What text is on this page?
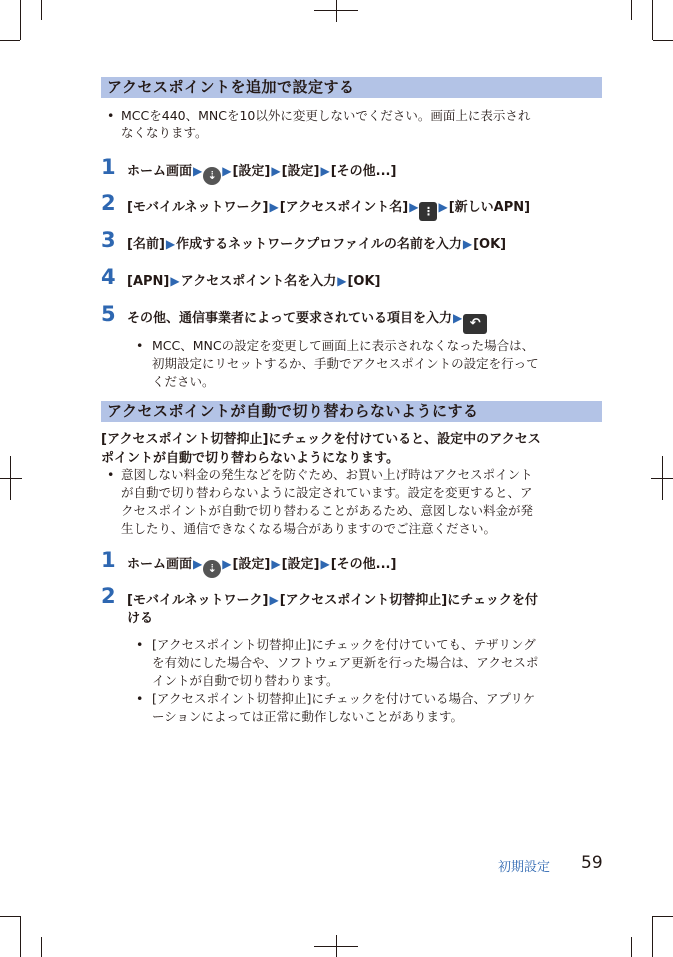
アクセスポイントを追加で設定する
• MCCを440、MNCを10以外に変更しないでください。画面上に表示され
なくなります。
1 ホーム画面▶ ⇣ ▶[設定]▶[設定]▶[その他...]
2 [モバイルネットワーク]▶[アクセスポイント名]▶ ⋮ ▶[新しいAPN]
3 [名前]▶作成するネットワークプロファイルの名前を入力▶[OK]
4 [APN]▶アクセスポイント名を入力▶[OK]
5 その他、通信事業者によって要求されている項目を入力▶ ↶
• MCC、MNCの設定を変更して画面上に表示されなくなった場合は、
初期設定にリセットするか、手動でアクセスポイントの設定を行って
ください。
アクセスポイントが自動で切り替わらないようにする
[アクセスポイント切替抑止]にチェックを付けていると、設定中のアクセス
ポイントが自動で切り替わらないようになります。
• 意図しない料金の発生などを防ぐため、お買い上げ時はアクセスポイント
が自動で切り替わらないように設定されています。設定を変更すると、ア
クセスポイントが自動で切り替わることがあるため、意図しない料金が発
生したり、通信できなくなる場合がありますのでご注意ください。
1 ホーム画面▶ ⇣ ▶[設定]▶[設定]▶[その他...]
2 [モバイルネットワーク]▶[アクセスポイント切替抑止]にチェックを付
ける
• [アクセスポイント切替抑止]にチェックを付けていても、テザリング
を有効にした場合や、ソフトウェア更新を行った場合は、アクセスポ
イントが自動で切り替わります。
• [アクセスポイント切替抑止]にチェックを付けている場合、アプリケ
ーションによっては正常に動作しないことがあります。
初期設定 59
